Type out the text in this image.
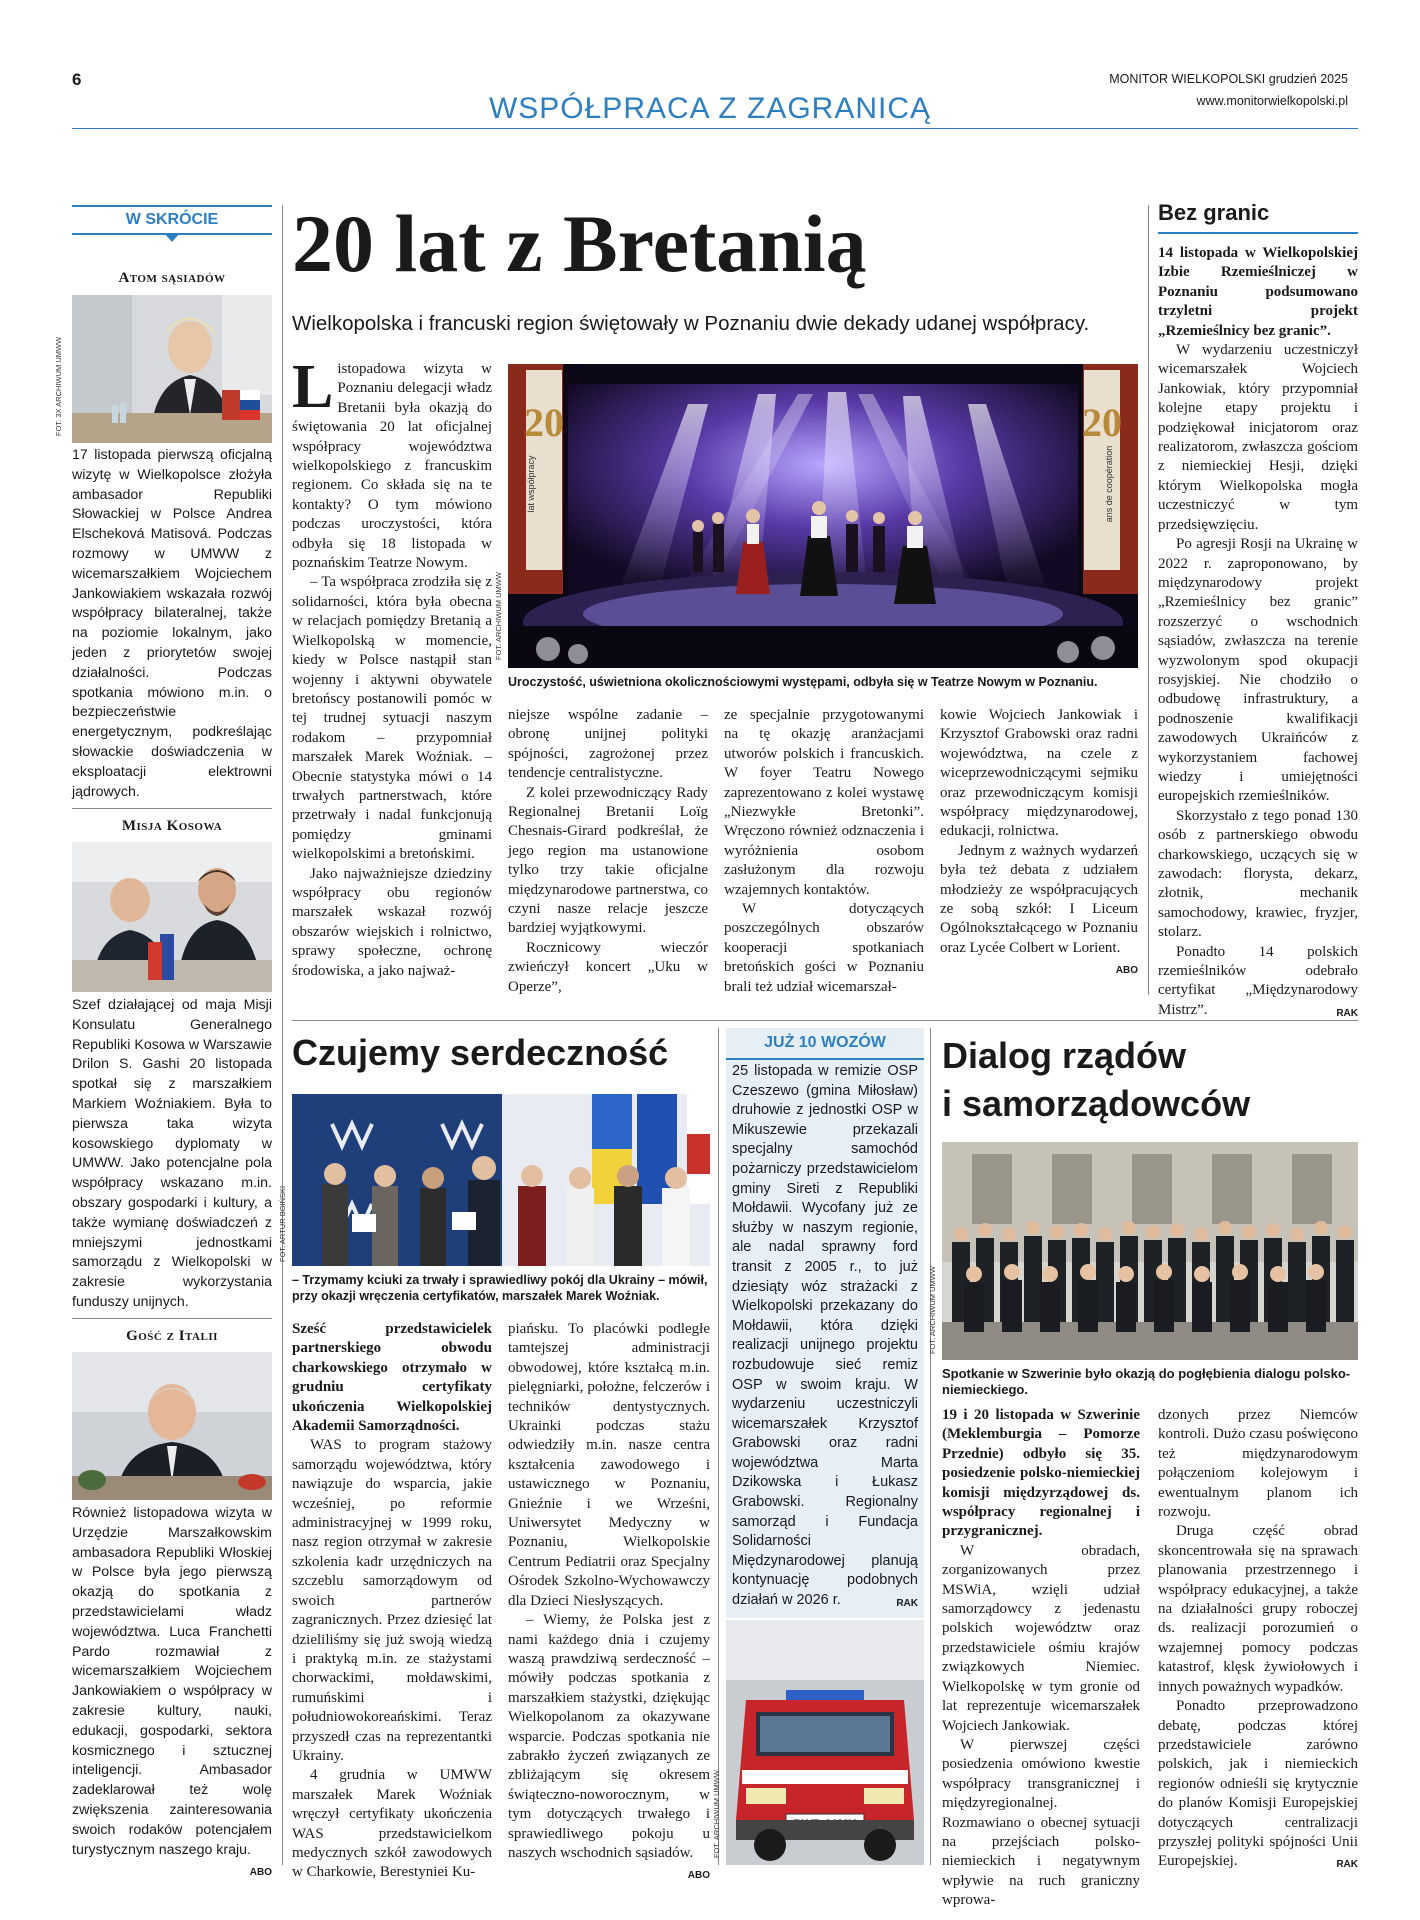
6	MONITOR WIELKOPOLSKI grudzień 2025
www.monitorwielkopolski.pl
WSPÓŁPRACA Z ZAGRANICĄ
W SKRÓCIE
Atom sąsiadów
FOT. 3X ARCHIWUM UMWW
17 listopada pierwszą oficjalną wizytę w Wielkopolsce złożyła ambasador Republiki Słowackiej w Polsce Andrea Elscheková Matisová. Podczas rozmowy w UMWW z wicemarszałkiem Wojciechem Jankowiakiem wskazała rozwój współpracy bilateralnej, także na poziomie lokalnym, jako jeden z priorytetów swojej działalności. Podczas spotkania mówiono m.in. o bezpieczeństwie energetycznym, podkreślając słowackie doświadczenia w eksploatacji elektrowni jądrowych.
Misja Kosowa
Szef działającej od maja Misji Konsulatu Generalnego Republiki Kosowa w Warszawie Drilon S. Gashi 20 listopada spotkał się z marszałkiem Markiem Woźniakiem. Była to pierwsza taka wizyta kosowskiego dyplomaty w UMWW. Jako potencjalne pola współpracy wskazano m.in. obszary gospodarki i kultury, a także wymianę doświadczeń z mniejszymi jednostkami samorządu z Wielkopolski w zakresie wykorzystania funduszy unijnych.
Gość z Italii
Również listopadowa wizyta w Urzędzie Marszałkowskim ambasadora Republiki Włoskiej w Polsce była jego pierwszą okazją do spotkania z przedstawicielami władz województwa. Luca Franchetti Pardo rozmawiał z wicemarszałkiem Wojciechem Jankowiakiem o współpracy w zakresie kultury, nauki, edukacji, gospodarki, sektora kosmicznego i sztucznej inteligencji. Ambasador zadeklarował też wolę zwiększenia zainteresowania swoich rodaków potencjałem turystycznym naszego kraju.
ABO
20 lat z Bretanią
Wielkopolska i francuski region świętowały w Poznaniu dwie dekady udanej współpracy.

Listopadowa wizyta w Poznaniu delegacji władz Bretanii była okazją do świętowania 20 lat oficjalnej współpracy województwa wielkopolskiego z francuskim regionem. Co składa się na te kontakty? O tym mówiono podczas uroczystości, która odbyła się 18 listopada w poznańskim Teatrze Nowym.

– Ta współpraca zrodziła się z solidarności, która była obecna w relacjach pomiędzy Bretanią a Wielkopolską w momencie, kiedy w Polsce nastąpił stan wojenny i aktywni obywatele bretońscy postanowili pomóc w tej trudnej sytuacji naszym rodakom – przypomniał marszałek Marek Woźniak. – Obecnie statystyka mówi o 14 trwałych partnerstwach, które przetrwały i nadal funkcjonują pomiędzy gminami wielkopolskimi a bretońskimi.

Jako najważniejsze dziedziny współpracy obu regionów marszałek wskazał rozwój obszarów wiejskich i rolnictwo, sprawy społeczne, ochronę środowiska, a jako najważ-

20	20
lat współpracy	ans de coopération
FOT. ARCHIWUM UMWW
Uroczystość, uświetniona okolicznościowymi występami, odbyła się w Teatrze Nowym w Poznaniu.

niejsze wspólne zadanie – obronę unijnej polityki spójności, zagrożonej przez tendencje centralistyczne.

Z kolei przewodniczący Rady Regionalnej Bretanii Loïg Chesnais-Girard podkreślał, że jego region ma ustanowione tylko trzy takie oficjalne międzynarodowe partnerstwa, co czyni nasze relacje jeszcze bardziej wyjątkowymi.

Rocznicowy wieczór zwieńczył koncert „Uku w Operze”,

ze specjalnie przygotowanymi na tę okazję aranżacjami utworów polskich i francuskich. W foyer Teatru Nowego zaprezentowano z kolei wystawę „Niezwykłe Bretonki”. Wręczono również odznaczenia i wyróżnienia osobom zasłużonym dla rozwoju wzajemnych kontaktów.

W dotyczących poszczególnych obszarów kooperacji spotkaniach bretońskich gości w Poznaniu brali też udział wicemarszał-

kowie Wojciech Jankowiak i Krzysztof Grabowski oraz radni województwa, na czele z wiceprzewodniczącymi sejmiku oraz przewodniczącym komisji współpracy międzynarodowej, edukacji, rolnictwa.

Jednym z ważnych wydarzeń była też debata z udziałem młodzieży ze współpracujących ze sobą szkół: I Liceum Ogólnokształcącego w Poznaniu oraz Lycée Colbert w Lorient.
ABO

Bez granic

14 listopada w Wielkopolskiej Izbie Rzemieślniczej w Poznaniu podsumowano trzyletni projekt „Rzemieślnicy bez granic”.

W wydarzeniu uczestniczył wicemarszałek Wojciech Jankowiak, który przypomniał kolejne etapy projektu i podziękował inicjatorom oraz realizatorom, zwłaszcza gościom z niemieckiej Hesji, dzięki którym Wielkopolska mogła uczestniczyć w tym przedsięwzięciu.

Po agresji Rosji na Ukrainę w 2022 r. zaproponowano, by międzynarodowy projekt „Rzemieślnicy bez granic” rozszerzyć o wschodnich sąsiadów, zwłaszcza na terenie wyzwolonym spod okupacji rosyjskiej. Nie chodziło o odbudowę infrastruktury, a podnoszenie kwalifikacji zawodowych Ukraińców z wykorzystaniem fachowej wiedzy i umiejętności europejskich rzemieślników.

Skorzystało z tego ponad 130 osób z partnerskiego obwodu charkowskiego, uczących się w zawodach: florysta, dekarz, złotnik, mechanik samochodowy, krawiec, fryzjer, stolarz.

Ponadto 14 polskich rzemieślników odebrało certyfikat „Międzynarodowy Mistrz”.	RAK

Czujemy serdeczność
FOT. ARTUR BOIŃSKI
– Trzymamy kciuki za trwały i sprawiedliwy pokój dla Ukrainy – mówił, przy okazji wręczenia certyfikatów, marszałek Marek Woźniak.

Sześć przedstawicielek partnerskiego obwodu charkowskiego otrzymało w grudniu certyfikaty ukończenia Wielkopolskiej Akademii Samorządności.

WAS to program stażowy samorządu województwa, który nawiązuje do wsparcia, jakie wcześniej, po reformie administracyjnej w 1999 roku, nasz region otrzymał w zakresie szkolenia kadr urzędniczych na szczeblu samorządowym od swoich partnerów zagranicznych. Przez dziesięć lat dzieliliśmy się już swoją wiedzą i praktyką m.in. ze stażystami chorwackimi, mołdawskimi, rumuńskimi i południowokoreańskimi. Teraz przyszedł czas na reprezentantki Ukrainy.

4 grudnia w UMWW marszałek Marek Woźniak wręczył certyfikaty ukończenia WAS przedstawicielkom medycznych szkół zawodowych w Charkowie, Berestyniei Ku-

piańsku. To placówki podległe tamtejszej administracji obwodowej, które kształcą m.in. pielęgniarki, położne, felczerów i techników dentystycznych. Ukrainki podczas stażu odwiedziły m.in. nasze centra kształcenia zawodowego i ustawicznego w Poznaniu, Gnieźnie i we Wrześni, Uniwersytet Medyczny w Poznaniu, Wielkopolskie Centrum Pediatrii oraz Specjalny Ośrodek Szkolno-Wychowawczy dla Dzieci Niesłyszących.

– Wiemy, że Polska jest z nami każdego dnia i czujemy waszą prawdziwą serdeczność – mówiły podczas spotkania z marszałkiem stażystki, dziękując Wielkopolanom za okazywane wsparcie. Podczas spotkania nie zabrakło życzeń związanych ze zbliżającym się okresem świąteczno-noworocznym, w tym dotyczących trwałego i sprawiedliwego pokoju u naszych wschodnich sąsiadów.
ABO

JUŻ 10 WOZÓW
25 listopada w remizie OSP Czeszewo (gmina Miłosław) druhowie z jednostki OSP w Mikuszewie przekazali specjalny samochód pożarniczy przedstawicielom gminy Sireti z Republiki Mołdawii. Wycofany już ze służby w naszym regionie, ale nadal sprawny ford transit z 2005 r., to już dziesiąty wóz strażacki z Wielkopolski przekazany do Mołdawii, która dzięki realizacji unijnego projektu rozbudowuje sieć remiz OSP w swoim kraju. W wydarzeniu uczestniczyli wicemarszałek Krzysztof Grabowski oraz radni województwa Marta Dzikowska i Łukasz Grabowski. Regionalny samorząd i Fundacja Solidarności Międzynarodowej planują kontynuację podobnych działań w 2026 r.	RAK
FOT. ARCHIWUM UMWW
Dialog rządów
i samorządowców
FOT. ARCHIWUM UMWW
Spotkanie w Szwerinie było okazją do pogłębienia dialogu polsko-niemieckiego.

19 i 20 listopada w Szwerinie (Meklemburgia – Pomorze Przednie) odbyło się 35. posiedzenie polsko-niemieckiej komisji międzyrządowej ds. współpracy regionalnej i przygranicznej.

W obradach, zorganizowanych przez MSWiA, wzięli udział samorządowcy z jedenastu polskich województw oraz przedstawiciele ośmiu krajów związkowych Niemiec. Wielkopolskę w tym gronie od lat reprezentuje wicemarszałek Wojciech Jankowiak.

W pierwszej części posiedzenia omówiono kwestie współpracy transgranicznej i międzyregionalnej. Rozmawiano o obecnej sytuacji na przejściach polsko-niemieckich i negatywnym wpływie na ruch graniczny wprowa-

dzonych przez Niemców kontroli. Dużo czasu poświęcono też międzynarodowym połączeniom kolejowym i ewentualnym planom ich rozwoju.

Druga część obrad skoncentrowała się na sprawach planowania przestrzennego i współpracy edukacyjnej, a także na działalności grupy roboczej ds. realizacji porozumień o wzajemnej pomocy podczas katastrof, klęsk żywiołowych i innych poważnych wypadków.

Ponadto przeprowadzono debatę, podczas której przedstawiciele zarówno polskich, jak i niemieckich regionów odnieśli się krytycznie do planów Komisji Europejskiej dotyczących centralizacji przyszłej polityki spójności Unii Europejskiej.	RAK
